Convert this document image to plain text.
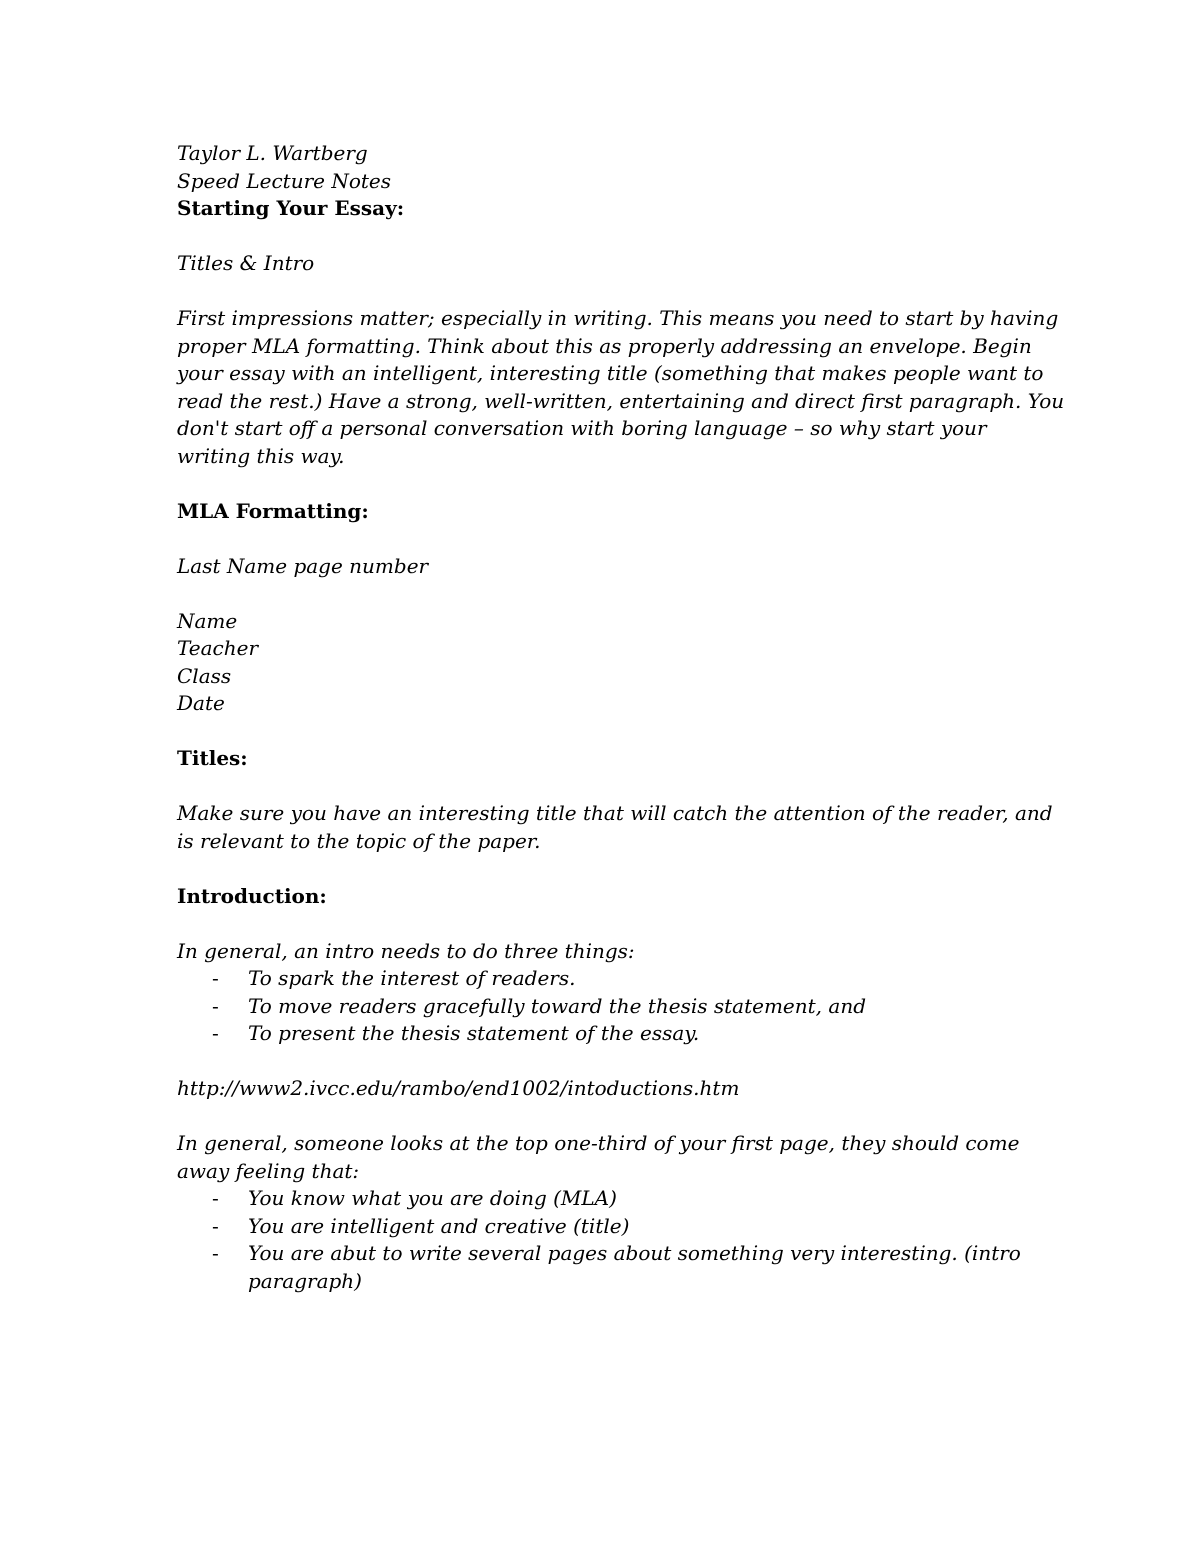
Taylor L. Wartberg
Speed Lecture Notes
Starting Your Essay:
Titles & Intro
First impressions matter; especially in writing. This means you need to start by having
proper MLA formatting. Think about this as properly addressing an envelope. Begin
your essay with an intelligent, interesting title (something that makes people want to
read the rest.) Have a strong, well-written, entertaining and direct first paragraph. You
don't start off a personal conversation with boring language – so why start your
writing this way.
MLA Formatting:
Last Name page number
Name
Teacher
Class
Date
Titles:
Make sure you have an interesting title that will catch the attention of the reader, and
is relevant to the topic of the paper.
Introduction:
In general, an intro needs to do three things:
- To spark the interest of readers.
- To move readers gracefully toward the thesis statement, and
- To present the thesis statement of the essay.
http://www2.ivcc.edu/rambo/end1002/intoductions.htm
In general, someone looks at the top one-third of your first page, they should come
away feeling that:
- You know what you are doing (MLA)
- You are intelligent and creative (title)
- You are abut to write several pages about something very interesting. (intro
paragraph)
